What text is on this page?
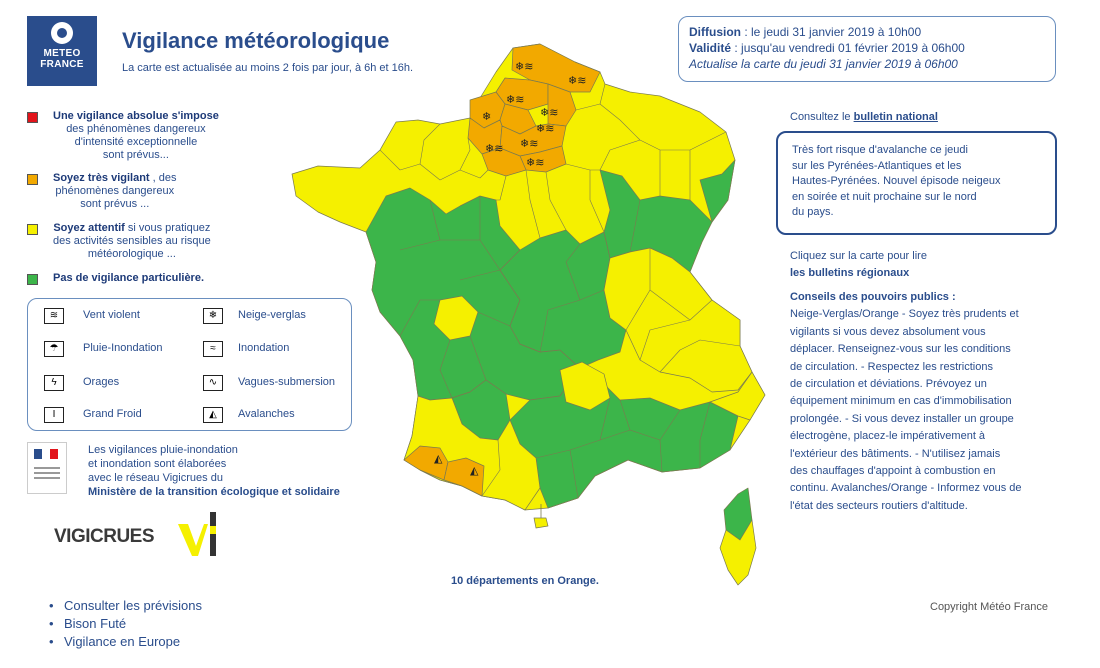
METEO
FRANCE
Vigilance météorologique
La carte est actualisée au moins 2 fois par jour, à 6h et 16h.
Diffusion : le jeudi 31 janvier 2019 à 10h00
Validité : jusqu'au vendredi 01 février 2019 à 06h00
Actualise la carte du jeudi 31 janvier 2019 à 06h00
Une vigilance absolue s'impose
des phénomènes dangereux
d'intensité exceptionnelle
sont prévus...
Soyez très vigilant , des
phénomènes dangereux
sont prévus ...
Soyez attentif si vous pratiquez
des activités sensibles au risque
météorologique ...
Pas de vigilance particulière.
≋	Vent violent	❄	Neige-verglas
☂	Pluie-Inondation	≈	Inondation
ϟ	Orages	∿	Vagues-submersion
Ι	Grand Froid	◭	Avalanches
Les vigilances pluie-inondation
et inondation sont élaborées
avec le réseau Vigicrues du
Ministère de la transition écologique et solidaire
VIGICRUES
• Consulter les prévisions
• Bison Futé
• Vigilance en Europe
❄≋
❄≋
❄
❄≋
❄≋
❄≋
❄≋ ❄≋
❄≋
◭
◭
Consultez le bulletin national
Très fort risque d'avalanche ce jeudi
sur les Pyrénées-Atlantiques et les
Hautes-Pyrénées. Nouvel épisode neigeux
en soirée et nuit prochaine sur le nord
du pays.
Cliquez sur la carte pour lire
les bulletins régionaux
Conseils des pouvoirs publics :
Neige-Verglas/Orange - Soyez très prudents et
vigilants si vous devez absolument vous
déplacer. Renseignez-vous sur les conditions
de circulation. - Respectez les restrictions
de circulation et déviations. Prévoyez un
équipement minimum en cas d'immobilisation
prolongée. - Si vous devez installer un groupe
électrogène, placez-le impérativement à
l'extérieur des bâtiments. - N'utilisez jamais
des chauffages d'appoint à combustion en
continu. Avalanches/Orange - Informez vous de
l'état des secteurs routiers d'altitude.
10 départements en Orange.
Copyright Météo France
